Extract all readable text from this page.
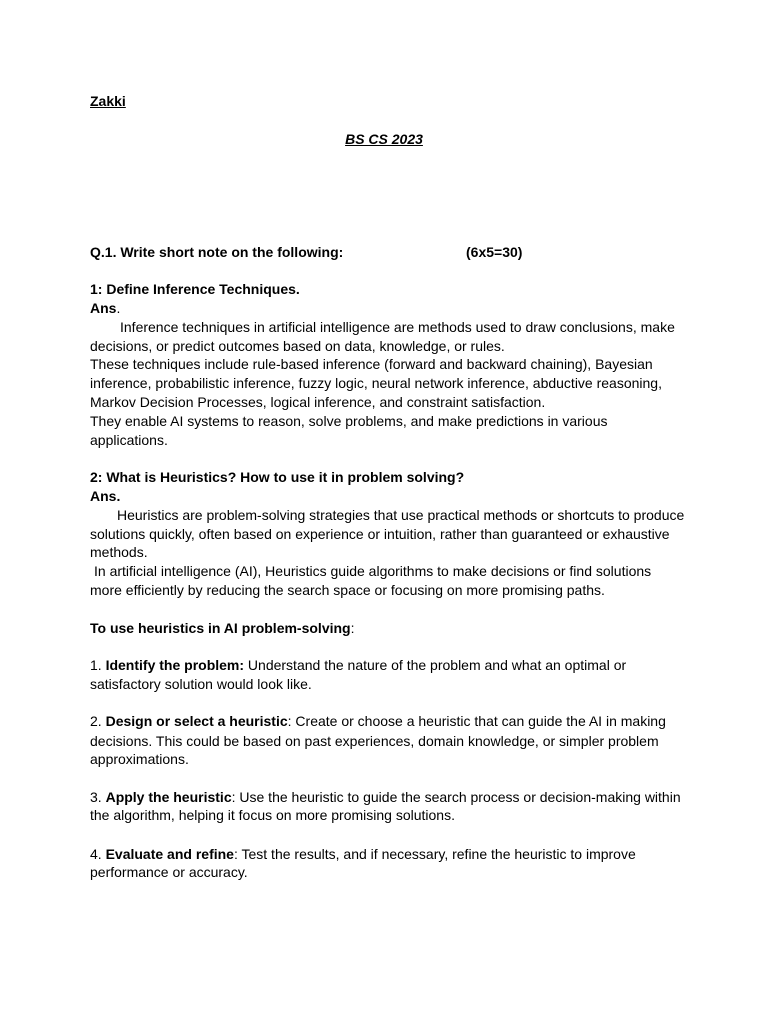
Zakki
BS CS 2023
Q.1. Write short note on the following:	(6x5=30)
1: Define Inference Techniques.
Ans.
Inference techniques in artificial intelligence are methods used to draw conclusions, make
decisions, or predict outcomes based on data, knowledge, or rules.
These techniques include rule-based inference (forward and backward chaining), Bayesian
inference, probabilistic inference, fuzzy logic, neural network inference, abductive reasoning,
Markov Decision Processes, logical inference, and constraint satisfaction.
They enable AI systems to reason, solve problems, and make predictions in various
applications.
2: What is Heuristics? How to use it in problem solving?
Ans.
Heuristics are problem-solving strategies that use practical methods or shortcuts to produce
solutions quickly, often based on experience or intuition, rather than guaranteed or exhaustive
methods.
In artificial intelligence (AI), Heuristics guide algorithms to make decisions or find solutions
more efficiently by reducing the search space or focusing on more promising paths.
To use heuristics in AI problem-solving:
1. Identify the problem: Understand the nature of the problem and what an optimal or
satisfactory solution would look like.
2. Design or select a heuristic: Create or choose a heuristic that can guide the AI in making
decisions. This could be based on past experiences, domain knowledge, or simpler problem
approximations.
3. Apply the heuristic: Use the heuristic to guide the search process or decision-making within
the algorithm, helping it focus on more promising solutions.
4. Evaluate and refine: Test the results, and if necessary, refine the heuristic to improve
performance or accuracy.
